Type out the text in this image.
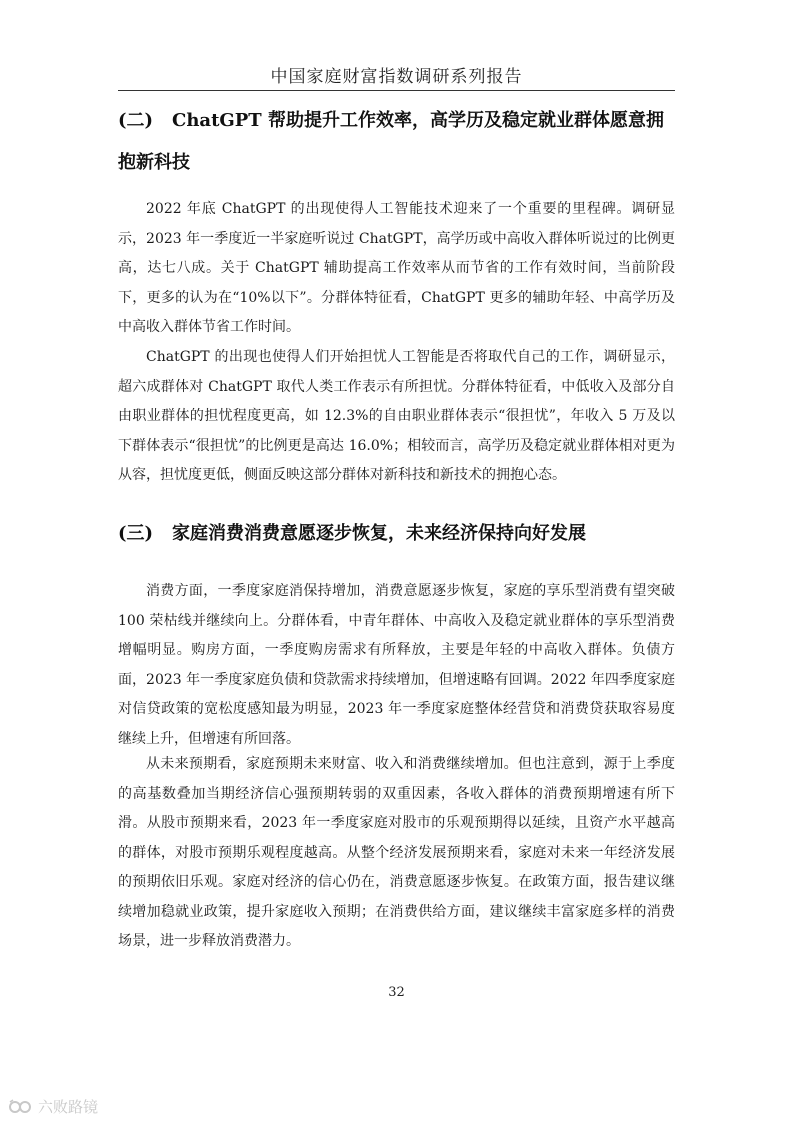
中国家庭财富指数调研系列报告
(二) ChatGPT 帮助提升工作效率，高学历及稳定就业群体愿意拥
抱新科技

2022 年底 ChatGPT 的出现使得人工智能技术迎来了一个重要的里程碑。调研显示，2023 年一季度近一半家庭听说过 ChatGPT，高学历或中高收入群体听说过的比例更高，达七八成。关于 ChatGPT 辅助提高工作效率从而节省的工作有效时间，当前阶段下，更多的认为在“10%以下”。分群体特征看，ChatGPT 更多的辅助年轻、中高学历及中高收入群体节省工作时间。

ChatGPT 的出现也使得人们开始担忧人工智能是否将取代自己的工作，调研显示，超六成群体对 ChatGPT 取代人类工作表示有所担忧。分群体特征看，中低收入及部分自由职业群体的担忧程度更高，如 12.3%的自由职业群体表示“很担忧”，年收入 5 万及以下群体表示“很担忧”的比例更是高达 16.0%；相较而言，高学历及稳定就业群体相对更为从容，担忧度更低，侧面反映这部分群体对新科技和新技术的拥抱心态。

(三) 家庭消费消费意愿逐步恢复，未来经济保持向好发展

消费方面，一季度家庭消保持增加，消费意愿逐步恢复，家庭的享乐型消费有望突破 100 荣枯线并继续向上。分群体看，中青年群体、中高收入及稳定就业群体的享乐型消费增幅明显。购房方面，一季度购房需求有所释放，主要是年轻的中高收入群体。负债方面，2023 年一季度家庭负债和贷款需求持续增加，但增速略有回调。2022 年四季度家庭对信贷政策的宽松度感知最为明显，2023 年一季度家庭整体经营贷和消费贷获取容易度继续上升，但增速有所回落。

从未来预期看，家庭预期未来财富、收入和消费继续增加。但也注意到，源于上季度的高基数叠加当期经济信心强预期转弱的双重因素，各收入群体的消费预期增速有所下滑。从股市预期来看，2023 年一季度家庭对股市的乐观预期得以延续，且资产水平越高的群体，对股市预期乐观程度越高。从整个经济发展预期来看，家庭对未来一年经济发展的预期依旧乐观。家庭对经济的信心仍在，消费意愿逐步恢复。在政策方面，报告建议继续增加稳就业政策，提升家庭收入预期；在消费供给方面，建议继续丰富家庭多样的消费场景，进一步释放消费潜力。

32
六败路镜
